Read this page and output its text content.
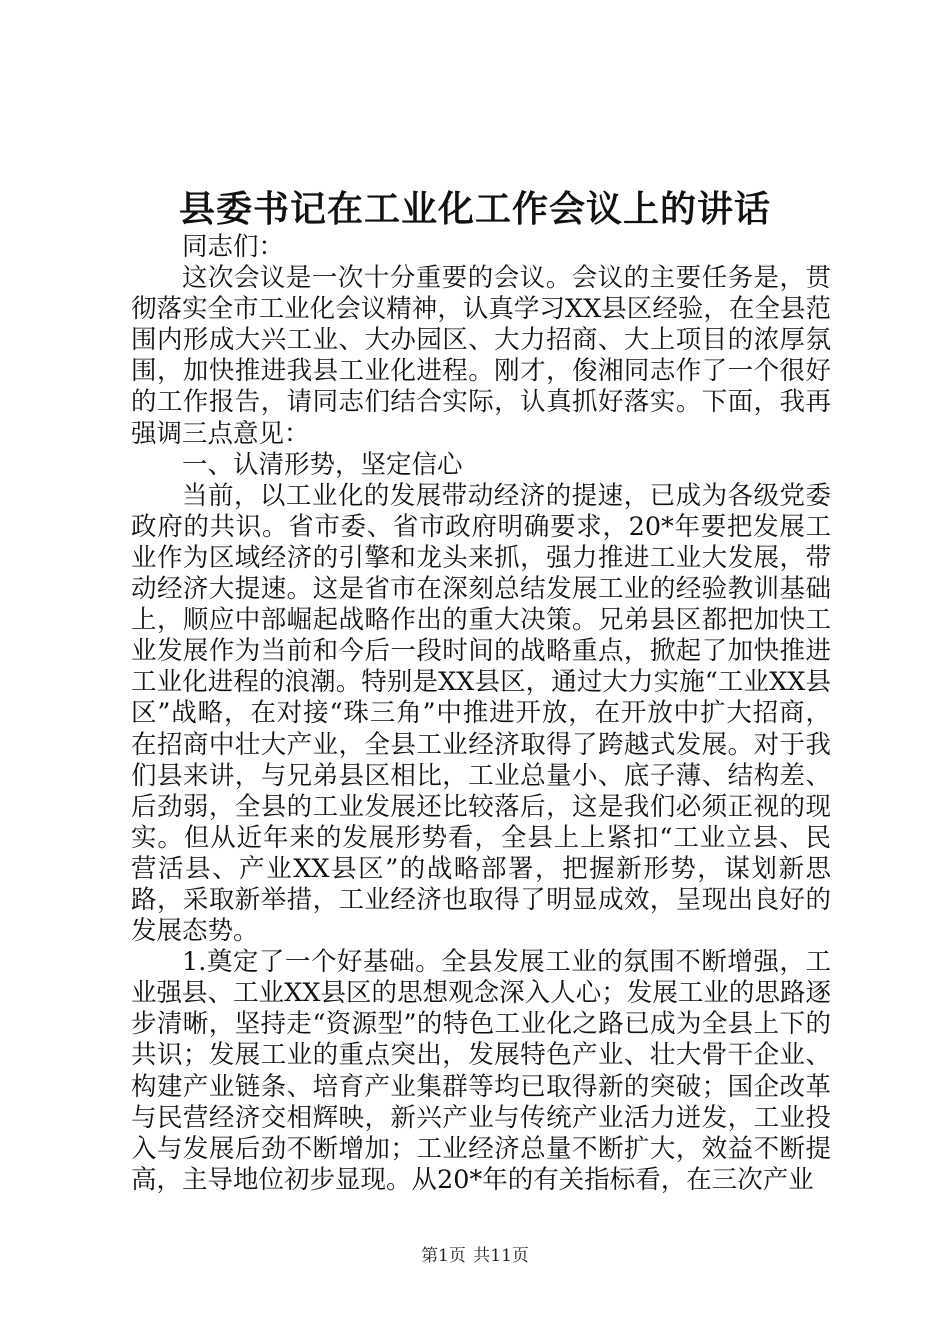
县委书记在工业化工作会议上的讲话

同志们：

这次会议是一次十分重要的会议。会议的主要任务是，贯彻落实全市工业化会议精神，认真学习XX县区经验，在全县范围内形成大兴工业、大办园区、大力招商、大上项目的浓厚氛围，加快推进我县工业化进程。刚才，俊湘同志作了一个很好的工作报告，请同志们结合实际，认真抓好落实。下面，我再强调三点意见：

一、认清形势，坚定信心

当前，以工业化的发展带动经济的提速，已成为各级党委政府的共识。省市委、省市政府明确要求，20*年要把发展工业作为区域经济的引擎和龙头来抓，强力推进工业大发展，带动经济大提速。这是省市在深刻总结发展工业的经验教训基础上，顺应中部崛起战略作出的重大决策。兄弟县区都把加快工业发展作为当前和今后一段时间的战略重点，掀起了加快推进工业化进程的浪潮。特别是XX县区，通过大力实施“工业XX县区”战略，在对接“珠三角”中推进开放，在开放中扩大招商，在招商中壮大产业，全县工业经济取得了跨越式发展。对于我们县来讲，与兄弟县区相比，工业总量小、底子薄、结构差、后劲弱，全县的工业发展还比较落后，这是我们必须正视的现实。但从近年来的发展形势看，全县上上紧扣“工业立县、民营活县、产业XX县区”的战略部署，把握新形势，谋划新思路，采取新举措，工业经济也取得了明显成效，呈现出良好的发展态势。

1.奠定了一个好基础。全县发展工业的氛围不断增强，工业强县、工业XX县区的思想观念深入人心；发展工业的思路逐步清晰，坚持走“资源型”的特色工业化之路已成为全县上下的共识；发展工业的重点突出，发展特色产业、壮大骨干企业、构建产业链条、培育产业集群等均已取得新的突破；国企改革与民营经济交相辉映，新兴产业与传统产业活力迸发，工业投入与发展后劲不断增加；工业经济总量不断扩大，效益不断提高，主导地位初步显现。从20*年的有关指标看，在三次产业

第1页 共11页
